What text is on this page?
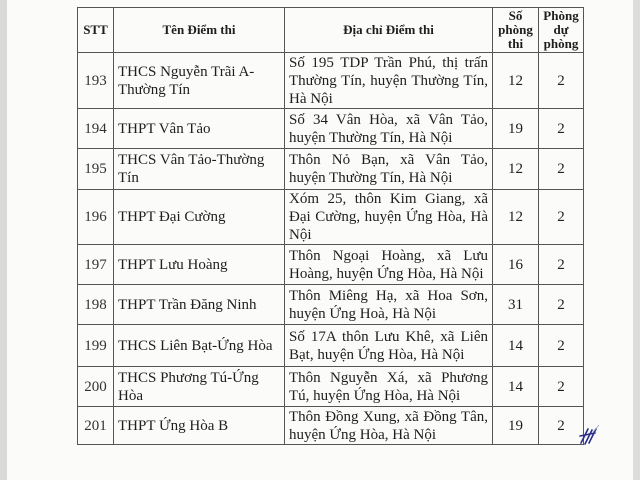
STT	Tên Điểm thi	Địa chỉ Điểm thi	Số phòng thi	Phòng dự phòng
193	THCS Nguyễn Trãi A-Thường Tín	Số 195 TDP Trần Phú, thị trấn Thường Tín, huyện Thường Tín, Hà Nội	12	2
194	THPT Vân Tảo	Số 34 Vân Hòa, xã Vân Tảo, huyện Thường Tín, Hà Nội	19	2
195	THCS Vân Tảo-Thường Tín	Thôn Nỏ Bạn, xã Vân Tảo, huyện Thường Tín, Hà Nội	12	2
196	THPT Đại Cường	Xóm 25, thôn Kim Giang, xã Đại Cường, huyện Ứng Hòa, Hà Nội	12	2
197	THPT Lưu Hoàng	Thôn Ngoại Hoàng, xã Lưu Hoàng, huyện Ứng Hòa, Hà Nội	16	2
198	THPT Trần Đăng Ninh	Thôn Miêng Hạ, xã Hoa Sơn, huyện Ứng Hoà, Hà Nội	31	2
199	THCS Liên Bạt-Ứng Hòa	Số 17A thôn Lưu Khê, xã Liên Bạt, huyện Ứng Hòa, Hà Nội	14	2
200	THCS Phương Tú-Ứng Hòa	Thôn Nguyễn Xá, xã Phương Tú, huyện Ứng Hòa, Hà Nội	14	2
201	THPT Ứng Hòa B	Thôn Đồng Xung, xã Đồng Tân, huyện Ứng Hòa, Hà Nội	19	2
